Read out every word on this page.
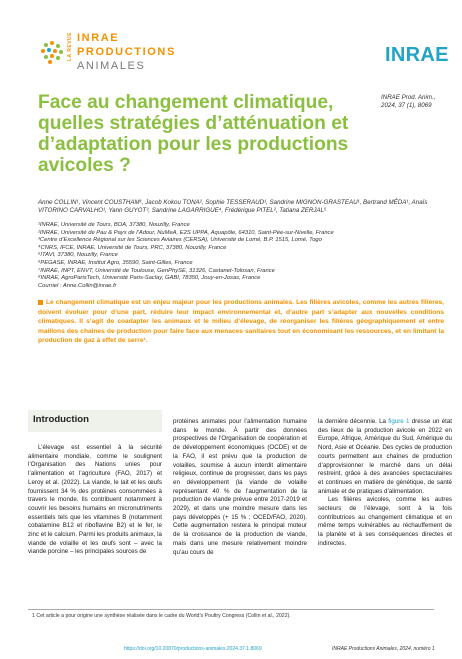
LA REVUE INRAE
PRODUCTIONS
ANIMALES	INRAE
Face au changement climatique, quelles stratégies d’atténuation et d’adaptation pour les productions avicoles ?
INRAE Prod. Anim.,
2024, 37 (1), 8069
Anne COLLIN¹, Vincent COUSTHAM¹, Jacob Kokou TONA², Sophie TESSERAUD¹, Sandrine MIGNON-GRASTEAU¹, Bertrand MÉDA¹, Anaïs VITORINO CARVALHO¹, Yann GUYOT³, Sandrine LAGARRIGUE⁴, Frédérique PITEL², Tatiana ZERJAL⁵
¹INRAE, Université de Tours, BOA, 37380, Nouzilly, France
²INRAE, Université de Pau & Pays de l’Adour, NuMeA, E2S UPPA, Aquapôle, 64310, Saint-Pée-sur-Nivelle, France
³Centre d’Excellence Régional sur les Sciences Aviaires (CERSA), Université de Lomé, B.P. 1515, Lomé, Togo
⁴CNRS, IFCE, INRAE, Université de Tours, PRC, 37380, Nouzilly, France
⁵ITAVI, 37380, Nouzilly, France
⁶PEGASE, INRAE, Institut Agro, 35590, Saint-Gilles, France
⁷INRAE, INPT, ENVT, Université de Toulouse, GenPhySE, 31326, Castanet-Tolosan, France
⁸INRAE, AgroParisTech, Université Paris-Saclay, GABI, 78350, Jouy-en-Josas, France
Courriel : Anne.Collin@inrae.fr
Le changement climatique est un enjeu majeur pour les productions animales. Les filières avicoles, comme les autres filières, doivent évoluer pour d’une part, réduire leur impact environnemental et, d’autre part s’adapter aux nouvelles conditions climatiques. Il s’agit de coadapter les animaux et le milieu d’élevage, de réorganiser les filières géographiquement et entre maillons des chaînes de production pour faire face aux menaces sanitaires tout en économisant les ressources, et en limitant la production de gaz à effet de serre¹.
Introduction

L’élevage est essentiel à la sécurité alimentaire mondiale, comme le soulignent l’Organisation des Nations unies pour l’alimentation et l’agriculture (FAO, 2017) et Leroy et al. (2022). La viande, le lait et les œufs fournissent 34 % des protéines consommées à travers le monde. Ils contribuent notamment à couvrir les besoins humains en micronutriments essentiels tels que les vitamines B (notamment cobalamine B12 et riboflavine B2) et le fer, le zinc et le calcium. Parmi les produits animaux, la viande de volaille et les œufs sont – avec la viande porcine – les principales sources de

protéines animales pour l’alimentation humaine dans le monde. À partir des données prospectives de l’Organisation de coopération et de développement économiques (OCDE) et de la FAO, il est prévu que la production de volailles, soumise à aucun interdit alimentaire religieux, continue de progresser, dans les pays en développement (la viande de volaille représentant 40 % de l’augmentation de la production de viande prévue entre 2017-2019 et 2029), et dans une moindre mesure dans les pays développés (+ 15 % ; OCED/FAO, 2020). Cette augmentation restera le principal moteur de la croissance de la production de viande, mais dans une mesure relativement moindre qu’au cours de

la dernière décennie. La figure 1 dresse un état des lieux de la production avicole en 2022 en Europe, Afrique, Amérique du Sud, Amérique du Nord, Asie et Océanie. Des cycles de production courts permettent aux chaînes de production d’approvisionner le marché dans un délai restreint, grâce à des avancées spectaculaires et continues en matière de génétique, de santé animale et de pratiques d’alimentation.

Les filières avicoles, comme les autres secteurs de l’élevage, sont à la fois contributrices au changement climatique et en même temps vulnérables au réchauffement de la planète et à ses conséquences directes et indirectes.

1 Cet article a pour origine une synthèse réalisée dans le cadre du World’s Poultry Congress (Collin et al., 2022).
https://doi.org/10.20870/productions-animales.2024.37.1.8069	INRAE Productions Animales, 2024, numéro 1
